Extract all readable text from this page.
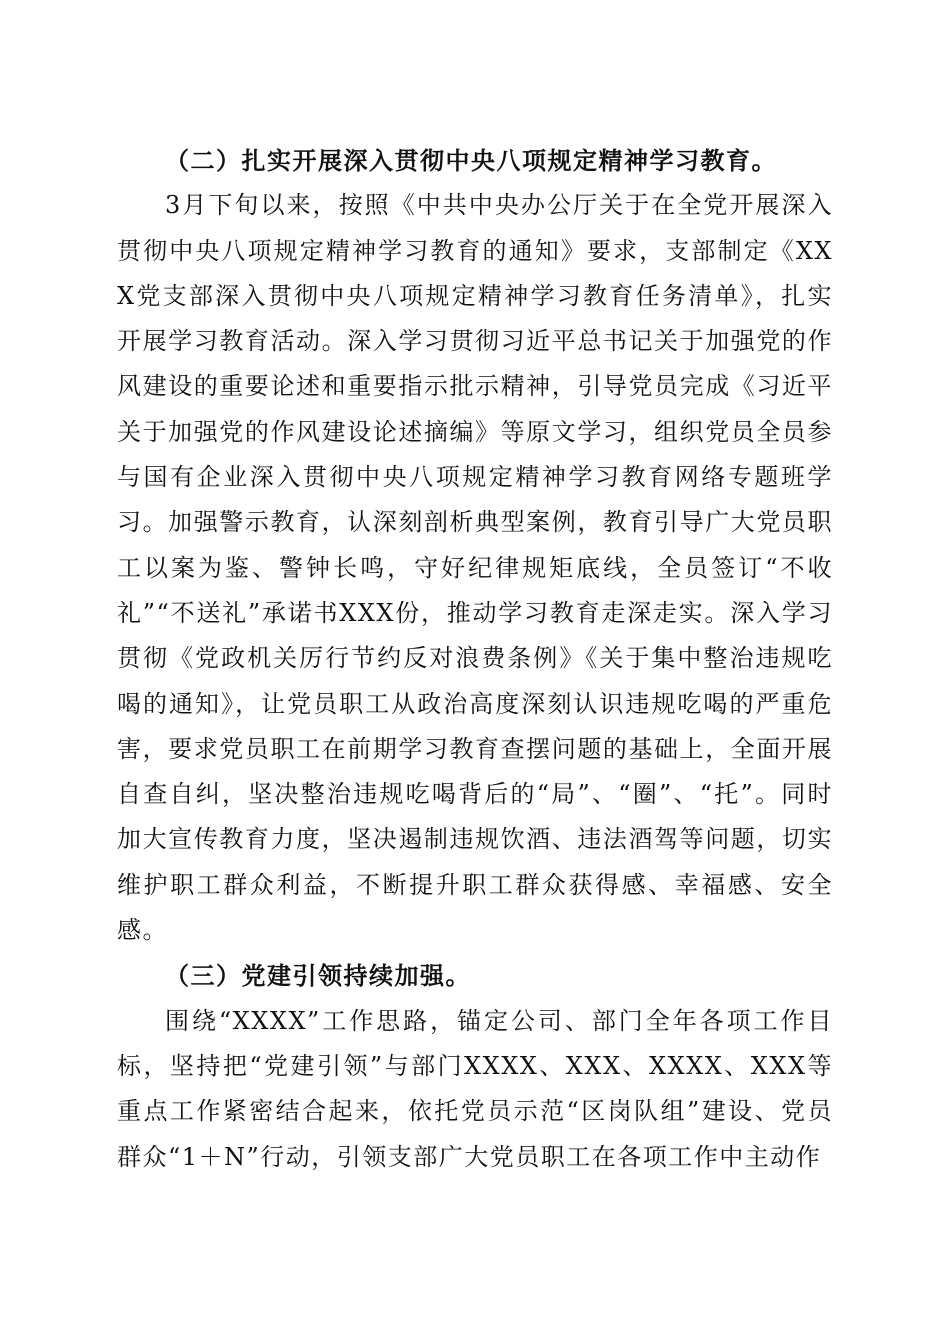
（二）扎实开展深入贯彻中央八项规定精神学习教育。

3月下旬以来，按照《中共中央办公厅关于在全党开展深入贯彻中央八项规定精神学习教育的通知》要求，支部制定《XXX党支部深入贯彻中央八项规定精神学习教育任务清单》，扎实开展学习教育活动。深入学习贯彻习近平总书记关于加强党的作风建设的重要论述和重要指示批示精神，引导党员完成《习近平关于加强党的作风建设论述摘编》等原文学习，组织党员全员参与国有企业深入贯彻中央八项规定精神学习教育网络专题班学习。加强警示教育，认深刻剖析典型案例，教育引导广大党员职工以案为鉴、警钟长鸣，守好纪律规矩底线，全员签订“不收礼”“不送礼”承诺书XXX份，推动学习教育走深走实。深入学习贯彻《党政机关厉行节约反对浪费条例》《关于集中整治违规吃喝的通知》，让党员职工从政治高度深刻认识违规吃喝的严重危害，要求党员职工在前期学习教育查摆问题的基础上，全面开展自查自纠，坚决整治违规吃喝背后的“局”、“圈”、“托”。同时加大宣传教育力度，坚决遏制违规饮酒、违法酒驾等问题，切实维护职工群众利益，不断提升职工群众获得感、幸福感、安全感。

（三）党建引领持续加强。

围绕“XXXX”工作思路，锚定公司、部门全年各项工作目标，坚持把“党建引领”与部门XXXX、XXX、XXXX、XXX等重点工作紧密结合起来，依托党员示范“区岗队组”建设、党员群众“1＋N”行动，引领支部广大党员职工在各项工作中主动作
